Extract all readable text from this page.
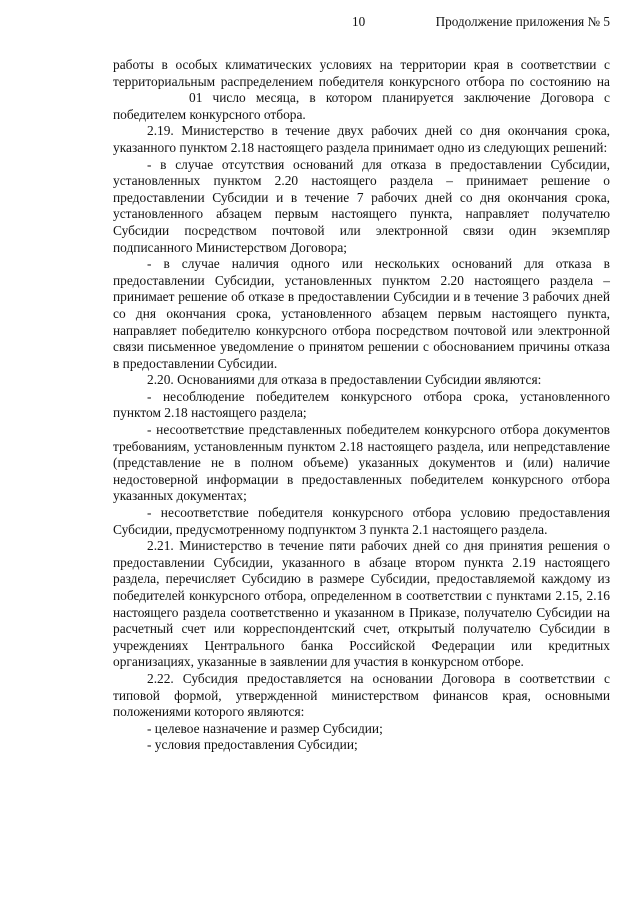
10	Продолжение приложения № 5

работы в особых климатических условиях на территории края в соответствии с территориальным распределением победителя конкурсного отбора по состоянию на01 число месяца, в котором планируется заключение Договора с победителем конкурсного отбора.

2.19. Министерство в течение двух рабочих дней со дня окончания срока, указанного пунктом 2.18 настоящего раздела принимает одно из следующих решений:

- в случае отсутствия оснований для отказа в предоставлении Субсидии, установленных пунктом 2.20 настоящего раздела – принимает решение о предоставлении Субсидии и в течение 7 рабочих дней со дня окончания срока, установленного абзацем первым настоящего пункта, направляет получателю Субсидии посредством почтовой или электронной связи один экземпляр подписанного Министерством Договора;

- в случае наличия одного или нескольких оснований для отказа в предоставлении Субсидии, установленных пунктом 2.20 настоящего раздела – принимает решение об отказе в предоставлении Субсидии и в течение 3 рабочих дней со дня окончания срока, установленного абзацем первым настоящего пункта, направляет победителю конкурсного отбора посредством почтовой или электронной связи письменное уведомление о принятом решении с обоснованием причины отказа в предоставлении Субсидии.

2.20. Основаниями для отказа в предоставлении Субсидии являются:

- несоблюдение победителем конкурсного отбора срока, установленного пунктом 2.18 настоящего раздела;

- несоответствие представленных победителем конкурсного отбора документов требованиям, установленным пунктом 2.18 настоящего раздела, или непредставление (представление не в полном объеме) указанных документов и (или) наличие недостоверной информации в предоставленных победителем конкурсного отбора указанных документах;

- несоответствие победителя конкурсного отбора условию предоставления Субсидии, предусмотренному подпунктом 3 пункта 2.1 настоящего раздела.

2.21. Министерство в течение пяти рабочих дней со дня принятия решения о предоставлении Субсидии, указанного в абзаце втором пункта 2.19 настоящего раздела, перечисляет Субсидию в размере Субсидии, предоставляемой каждому из победителей конкурсного отбора, определенном в соответствии с пунктами 2.15, 2.16 настоящего раздела соответственно и указанном в Приказе, получателю Субсидии на расчетный счет или корреспондентский счет, открытый получателю Субсидии в учреждениях Центрального банка Российской Федерации или кредитных организациях, указанные в заявлении для участия в конкурсном отборе.

2.22. Субсидия предоставляется на основании Договора в соответствии с типовой формой, утвержденной министерством финансов края, основными положениями которого являются:

- целевое назначение и размер Субсидии;

- условия предоставления Субсидии;
